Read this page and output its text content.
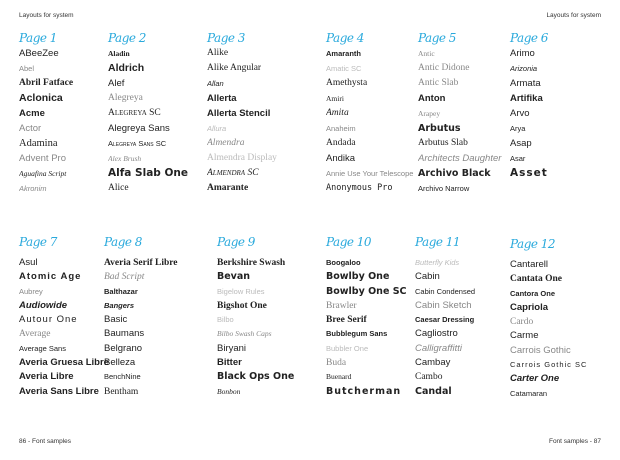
Layouts for system	Layouts for system
Page 1
ABeeZee
Abel
Abril Fatface
Aclonica
Acme
Actor
Adamina
Advent Pro
Aguafina Script
Akronim
Page 2
Aladin
Aldrich
Alef
Alegreya
Alegreya SC
Alegreya Sans
Alegreya Sans SC
Alex Brush
Alfa Slab One
Alice
Page 3
Alike
Alike Angular
Allan
Allerta
Allerta Stencil
Allura
Almendra
Almendra Display
Almendra SC
Amarante
Page 4
Amaranth
Amatic SC
Amethysta
Amiri
Amita
Anaheim
Andada
Andika
Annie Use Your Telescope
Anonymous Pro
Page 5
Antic
Antic Didone
Antic Slab
Anton
Arapey
Arbutus
Arbutus Slab
Architects Daughter
Archivo Black
Archivo Narrow
Page 6
Arimo
Arizonia
Armata
Artifika
Arvo
Arya
Asap
Asar
Asset
Page 7
Asul
Atomic Age
Aubrey
Audiowide
Autour One
Average
Average Sans
Averia Gruesa Libre
Averia Libre
Averia Sans Libre
Page 8
Averia Serif Libre
Bad Script
Balthazar
Bangers
Basic
Baumans
Belgrano
Belleza
BenchNine
Bentham
Page 9
Berkshire Swash
Bevan
Bigelow Rules
Bigshot One
Bilbo
Bilbo Swash Caps
Biryani
Bitter
Black Ops One
Bonbon
Page 10
Boogaloo
Bowlby One
Bowlby One SC
Brawler
Bree Serif
Bubblegum Sans
Bubbler One
Buda
Buenard
Butcherman
Page 11
Butterfly Kids
Cabin
Cabin Condensed
Cabin Sketch
Caesar Dressing
Cagliostro
Calligraffitti
Cambay
Cambo
Candal
Page 12
Cantarell
Cantata One
Cantora One
Capriola
Cardo
Carme
Carrois Gothic
Carrois Gothic SC
Carter One
Catamaran
86 - Font samples	Font samples - 87
